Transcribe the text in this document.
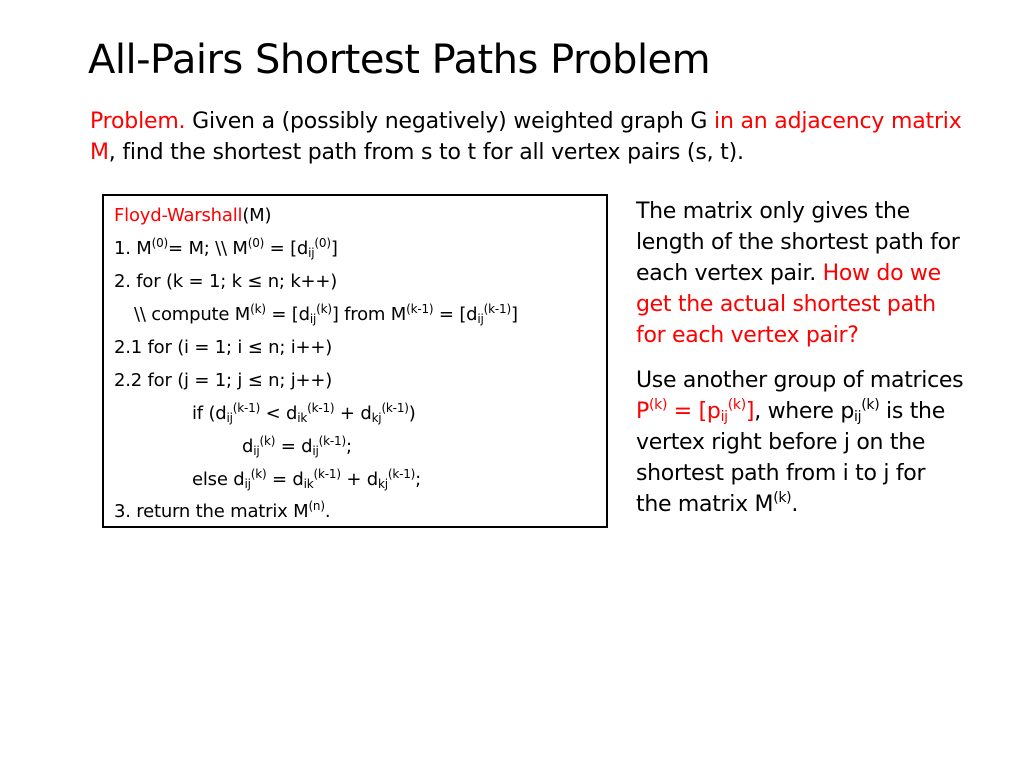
All-Pairs Shortest Paths Problem
Problem. Given a (possibly negatively) weighted graph G in an adjacency matrix M, find the shortest path from s to t for all vertex pairs (s, t).
Floyd-Warshall(M)
1. $M^{(0)}= M$; \\ $M^{(0)} = [d_{ij}^{(0)}]$
2. for (k = 1; k ≤ n; k++)
\\ compute $M^{(k)} = [d_{ij}^{(k)}]$ from $M^{(k-1)} = [d_{ij}^{(k-1)}]$
2.1 for (i = 1; i ≤ n; i++)
2.2 for (j = 1; j ≤ n; j++)
if $(d_{ij}^{(k-1)} < d_{ik}^{(k-1)} + d_{kj}^{(k-1)})$
$d_{ij}^{(k)} = d_{ij}^{(k-1)}$;
else $d_{ij}^{(k)} = d_{ik}^{(k-1)} + d_{kj}^{(k-1)}$;
3. return the matrix $M^{(n)}$.
The matrix only gives the length of the shortest path for each vertex pair. How do we get the actual shortest path for each vertex pair?
Use another group of matrices $P^{(k)} = [p_{ij}^{(k)}]$, where $p_{ij}^{(k)}$ is the vertex right before j on the shortest path from i to j for the matrix $M^{(k)}$.
